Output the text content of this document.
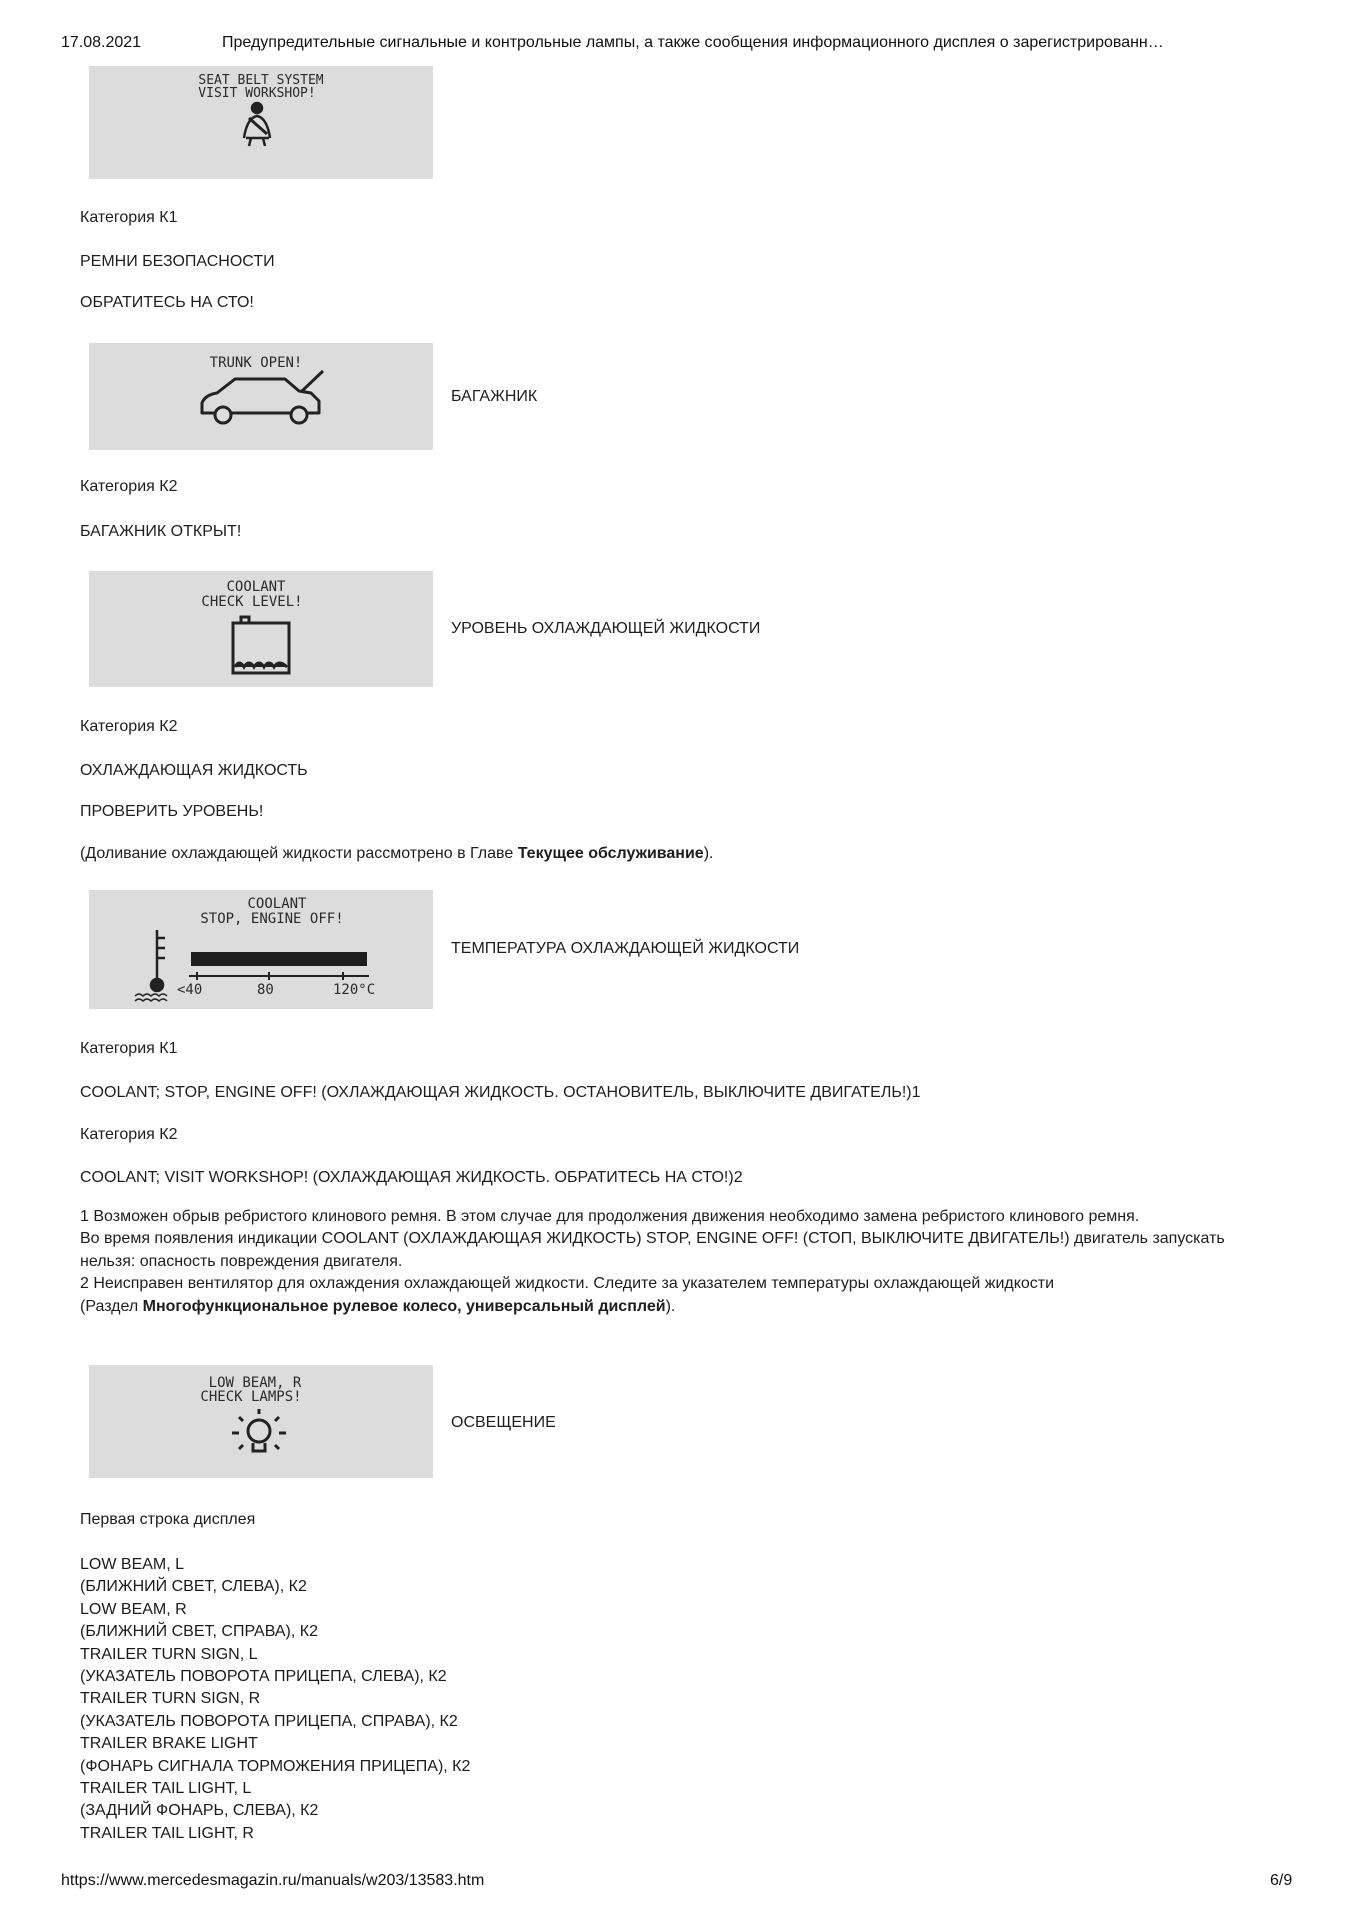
17.08.2021	Предупредительные сигнальные и контрольные лампы, а также сообщения информационного дисплея о зарегистрированн…
SEAT BELT SYSTEM
VISIT WORKSHOP!
Категория К1
РЕМНИ БЕЗОПАСНОСТИ
ОБРАТИТЕСЬ НА СТО!
TRUNK OPEN!
БАГАЖНИК
Категория К2
БАГАЖНИК ОТКРЫТ!
COOLANT
CHECK LEVEL!
УРОВЕНЬ ОХЛАЖДАЮЩЕЙ ЖИДКОСТИ
Категория К2
ОХЛАЖДАЮЩАЯ ЖИДКОСТЬ
ПРОВЕРИТЬ УРОВЕНЬ!
(Доливание охлаждающей жидкости рассмотрено в Главе Текущее обслуживание).
COOLANT
STOP, ENGINE OFF!
<40	80	120°C
ТЕМПЕРАТУРА ОХЛАЖДАЮЩЕЙ ЖИДКОСТИ
Категория К1
COOLANT; STOP, ENGINE OFF! (ОХЛАЖДАЮЩАЯ ЖИДКОСТЬ. ОСТАНОВИТЕЛЬ, ВЫКЛЮЧИТЕ ДВИГАТЕЛЬ!)1
Категория К2
COOLANT; VISIT WORKSHOP! (ОХЛАЖДАЮЩАЯ ЖИДКОСТЬ. ОБРАТИТЕСЬ НА СТО!)2
1 Возможен обрыв ребристого клинового ремня. В этом случае для продолжения движения необходимо замена ребристого клинового ремня.
Во время появления индикации COOLANT (ОХЛАЖДАЮЩАЯ ЖИДКОСТЬ) STOP, ENGINE OFF! (СТОП, ВЫКЛЮЧИТЕ ДВИГАТЕЛЬ!) двигатель запускать нельзя: опасность повреждения двигателя.
2 Неисправен вентилятор для охлаждения охлаждающей жидкости. Следите за указателем температуры охлаждающей жидкости
(Раздел Многофункциональное рулевое колесо, универсальный дисплей).
LOW BEAM, R
CHECK LAMPS!
ОСВЕЩЕНИЕ
Первая строка дисплея
LOW BEAM, L
(БЛИЖНИЙ СВЕТ, СЛЕВА), К2
LOW BEAM, R
(БЛИЖНИЙ СВЕТ, СПРАВА), К2
TRAILER TURN SIGN, L
(УКАЗАТЕЛЬ ПОВОРОТА ПРИЦЕПА, СЛЕВА), К2
TRAILER TURN SIGN, R
(УКАЗАТЕЛЬ ПОВОРОТА ПРИЦЕПА, СПРАВА), К2
TRAILER BRAKE LIGHT
(ФОНАРЬ СИГНАЛА ТОРМОЖЕНИЯ ПРИЦЕПА), К2
TRAILER TAIL LIGHT, L
(ЗАДНИЙ ФОНАРЬ, СЛЕВА), К2
TRAILER TAIL LIGHT, R
https://www.mercedesmagazin.ru/manuals/w203/13583.htm	6/9
